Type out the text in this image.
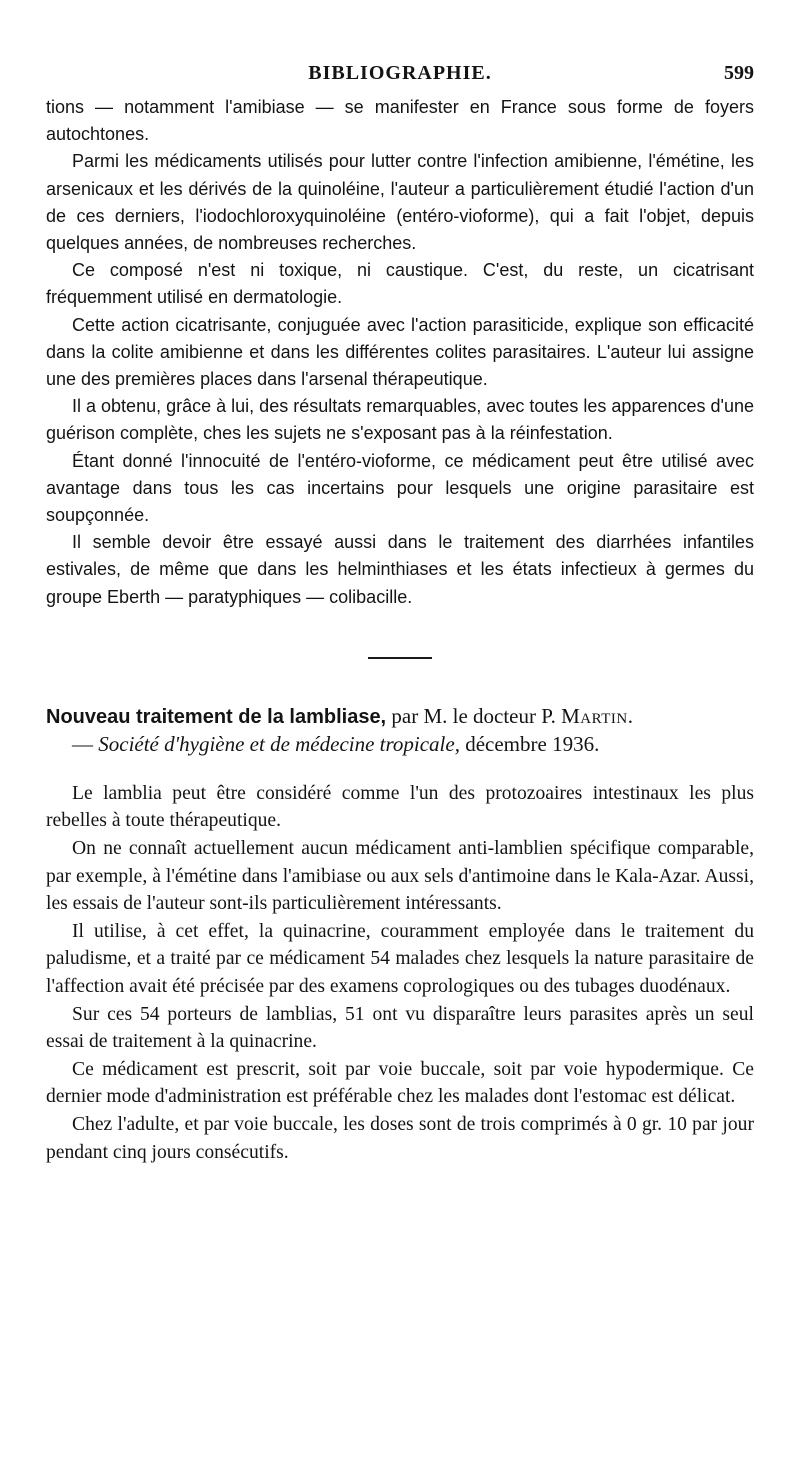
BIBLIOGRAPHIE.	599

tions — notamment l'amibiase — se manifester en France sous forme de foyers autochtones.

Parmi les médicaments utilisés pour lutter contre l'infection amibienne, l'émétine, les arsenicaux et les dérivés de la quinoléine, l'auteur a particulièrement étudié l'action d'un de ces derniers, l'iodochloroxyquinoléine (entéro-vioforme), qui a fait l'objet, depuis quelques années, de nombreuses recherches.

Ce composé n'est ni toxique, ni caustique. C'est, du reste, un cicatrisant fréquemment utilisé en dermatologie.

Cette action cicatrisante, conjuguée avec l'action parasiticide, explique son efficacité dans la colite amibienne et dans les différentes colites parasitaires. L'auteur lui assigne une des premières places dans l'arsenal thérapeutique.

Il a obtenu, grâce à lui, des résultats remarquables, avec toutes les apparences d'une guérison complète, ches les sujets ne s'exposant pas à la réinfestation.

Étant donné l'innocuité de l'entéro-vioforme, ce médicament peut être utilisé avec avantage dans tous les cas incertains pour lesquels une origine parasitaire est soupçonnée.

Il semble devoir être essayé aussi dans le traitement des diarrhées infantiles estivales, de même que dans les helminthiases et les états infectieux à germes du groupe Eberth — paratyphiques — colibacille.

Nouveau traitement de la lambliase, par M. le docteur P. Martin.
— Société d'hygiène et de médecine tropicale, décembre 1936.

Le lamblia peut être considéré comme l'un des protozoaires intestinaux les plus rebelles à toute thérapeutique.

On ne connaît actuellement aucun médicament anti-lamblien spécifique comparable, par exemple, à l'émétine dans l'amibiase ou aux sels d'antimoine dans le Kala-Azar. Aussi, les essais de l'auteur sont-ils particulièrement intéressants.

Il utilise, à cet effet, la quinacrine, couramment employée dans le traitement du paludisme, et a traité par ce médicament 54 malades chez lesquels la nature parasitaire de l'affection avait été précisée par des examens coprologiques ou des tubages duodénaux.

Sur ces 54 porteurs de lamblias, 51 ont vu disparaître leurs parasites après un seul essai de traitement à la quinacrine.

Ce médicament est prescrit, soit par voie buccale, soit par voie hypodermique. Ce dernier mode d'administration est préférable chez les malades dont l'estomac est délicat.

Chez l'adulte, et par voie buccale, les doses sont de trois comprimés à 0 gr. 10 par jour pendant cinq jours consécutifs.
